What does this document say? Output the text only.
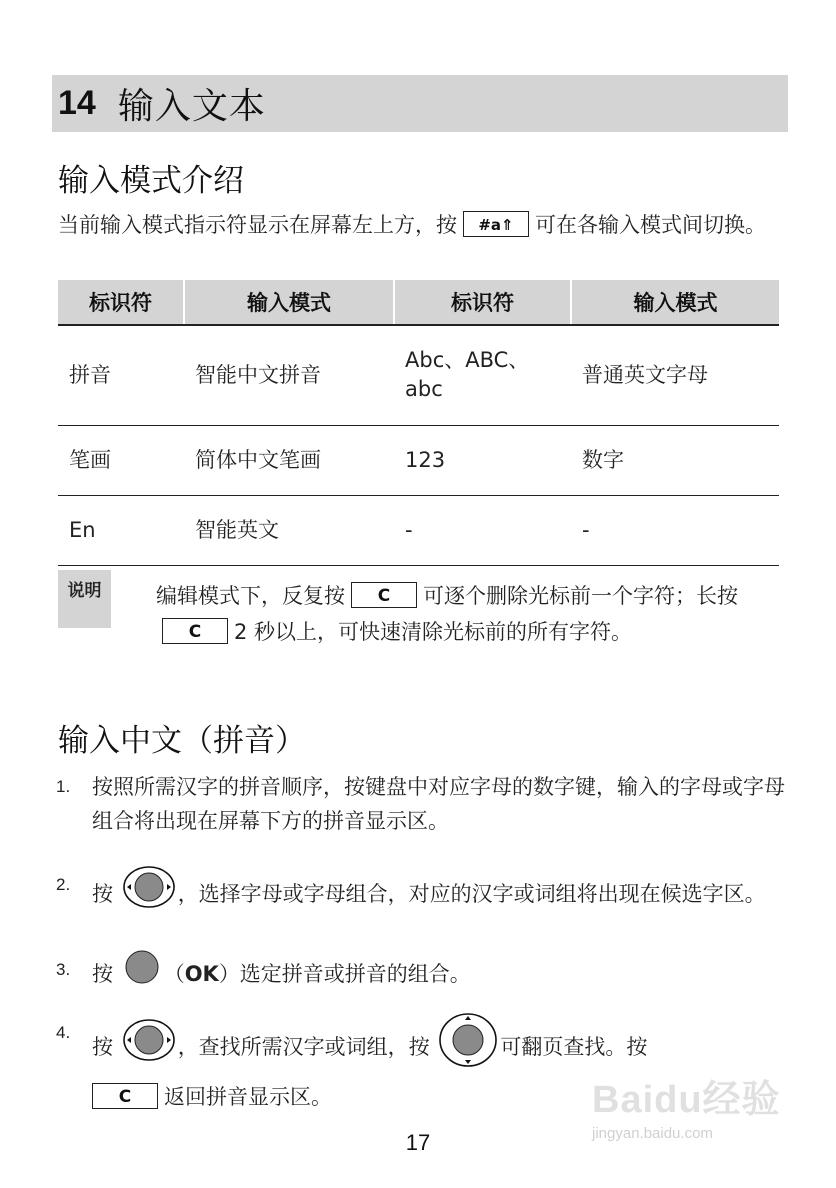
14 输入文本
输入模式介绍
当前输入模式指示符显示在屏幕左上方，按 #a⇑ 可在各输入模式间切换。
标识符	输入模式	标识符	输入模式
拼音	智能中文拼音	Abc、ABC、abc	普通英文字母
笔画	简体中文笔画	123	数字
En	智能英文	-	-
说明	编辑模式下，反复按 C 可逐个删除光标前一个字符；长按C 2 秒以上，可快速清除光标前的所有字符。
输入中文（拼音）
1.	按照所需汉字的拼音顺序，按键盘中对应字母的数字键，输入的字母或字母组合将出现在屏幕下方的拼音显示区。
2.	按	，选择字母或字母组合，对应的汉字或词组将出现在候选字区。
3.	按 （OK）选定拼音或拼音的组合。
4.
按	，查找所需汉字或词组，按	可翻页查找。按
C 返回拼音显示区。	Baidu经验
jingyan.baidu.com
17
